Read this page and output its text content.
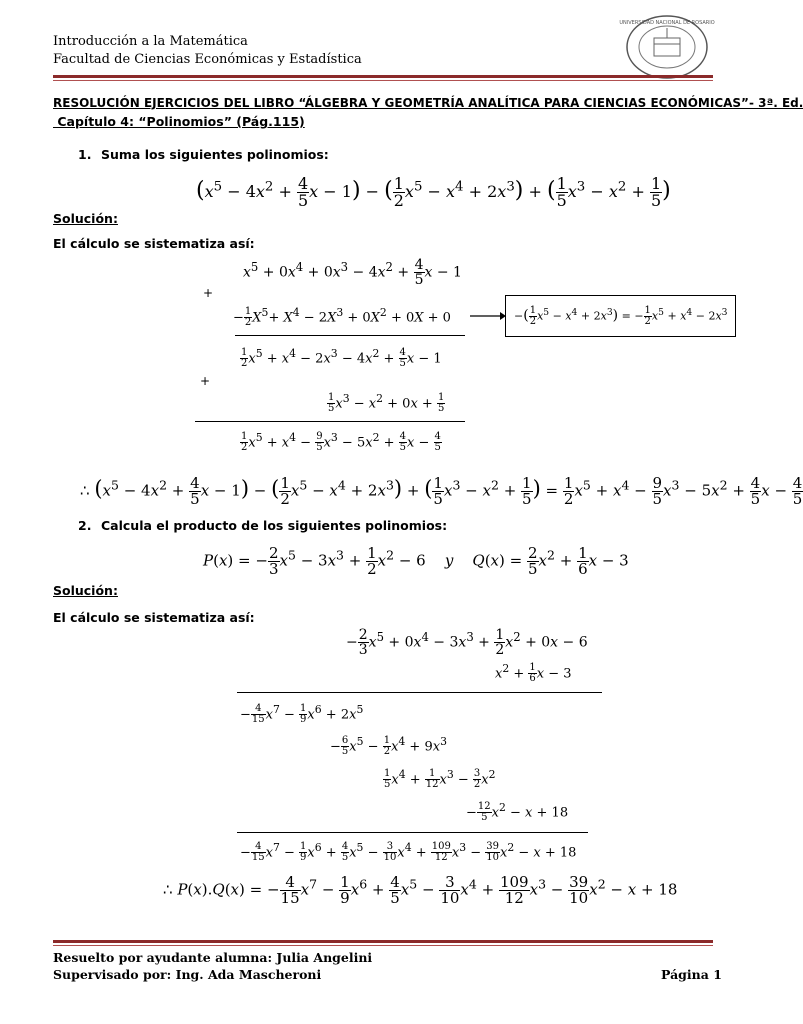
Introducción a la Matemática
Facultad de Ciencias Económicas y Estadística
UNIVERSIDAD NACIONAL DE ROSARIO
RESOLUCIÓN EJERCICIOS DEL LIBRO “ÁLGEBRA Y GEOMETRÍA ANALÍTICA PARA CIENCIAS ECONÓMICAS”- 3ª. Ed.
Capítulo 4: “Polinomios” (Pág.115)
1. Suma los siguientes polinomios:
($x^5 - 4x^2 + \frac{4}{5}$ x − 1) − ( $\frac{1}{2} x^5 - x^4 + 2x^3$) + ( $\frac{1}{5} x^3 - x^2 + \frac{1}{5}$ )
Solución:
El cálculo se sistematiza así:
$x^5 + 0x^4 + 0x^3 - 4x^2 + \frac{4}{5}$ x − 1
+
− $\frac{1}{2} X^5+ X^4 - 2X^3 + 0X^2 + 0X + 0$	−( $\frac{1}{2} x^5 - x^4 + 2x^3$) = − $\frac{1}{2} x^5 + x^4 - 2x^3$
$\frac{1}{2} x^5 + x^4 - 2x^3 - 4x^2 + \frac{4}{5}$ x − 1
+
$\frac{1}{5} x^3 - x^2 + 0x + \frac{1}{5}$
$\frac{1}{2} x^5 + x^4 - \frac{9}{5} x^3 - 5x^2 + \frac{4}{5}$ $x - \frac{4}{5}$
∴ ($x^5 - 4x^2 + \frac{4}{5}$ x − 1) − ( $\frac{1}{2} x^5 - x^4 + 2x^3$) + ( $\frac{1}{5} x^3 - x^2 + \frac{1}{5}$ ) = $\frac{1}{2} x^5 + x^4 - \frac{9}{5} x^3 - 5x^2 + \frac{4}{5}$ $x - \frac{4}{5}$
2. Calcula el producto de los siguientes polinomios:
P(x) = − $\frac{2}{3} x^5 - 3x^3 + \frac{1}{2} x^2 - 6$    y $Q(x) = \frac{2}{5} x^2 + \frac{1}{6}$ x − 3
Solución:
El cálculo se sistematiza así:
− $\frac{2}{3} x^5 + 0x^4 - 3x^3 + \frac{1}{2} x^2 + 0x - 6$
$x^2 + \frac{1}{6}$ x − 3
− $\frac{4}{15} x^7 - \frac{1}{9} x^6 + 2x^5$
− $\frac{6}{5} x^5 - \frac{1}{2} x^4 + 9x^3$
$\frac{1}{5} x^4 + \frac{1}{12} x^3 - \frac{3}{2} x^2$
− $\frac{12}{5} x^2 - x + 18$
− $\frac{4}{15} x^7 - \frac{1}{9} x^6 + \frac{4}{5} x^5 - \frac{3}{10} x^4 + \frac{109}{12} x^3 - \frac{39}{10} x^2 - x + 18$
∴ P(x).Q(x) = − $\frac{4}{15} x^7 - \frac{1}{9} x^6 + \frac{4}{5} x^5 - \frac{3}{10} x^4 + \frac{109}{12} x^3 - \frac{39}{10} x^2 - x + 18$
Resuelto por ayudante alumna: Julia Angelini
Supervisado por: Ing. Ada Mascheroni	Página 1
